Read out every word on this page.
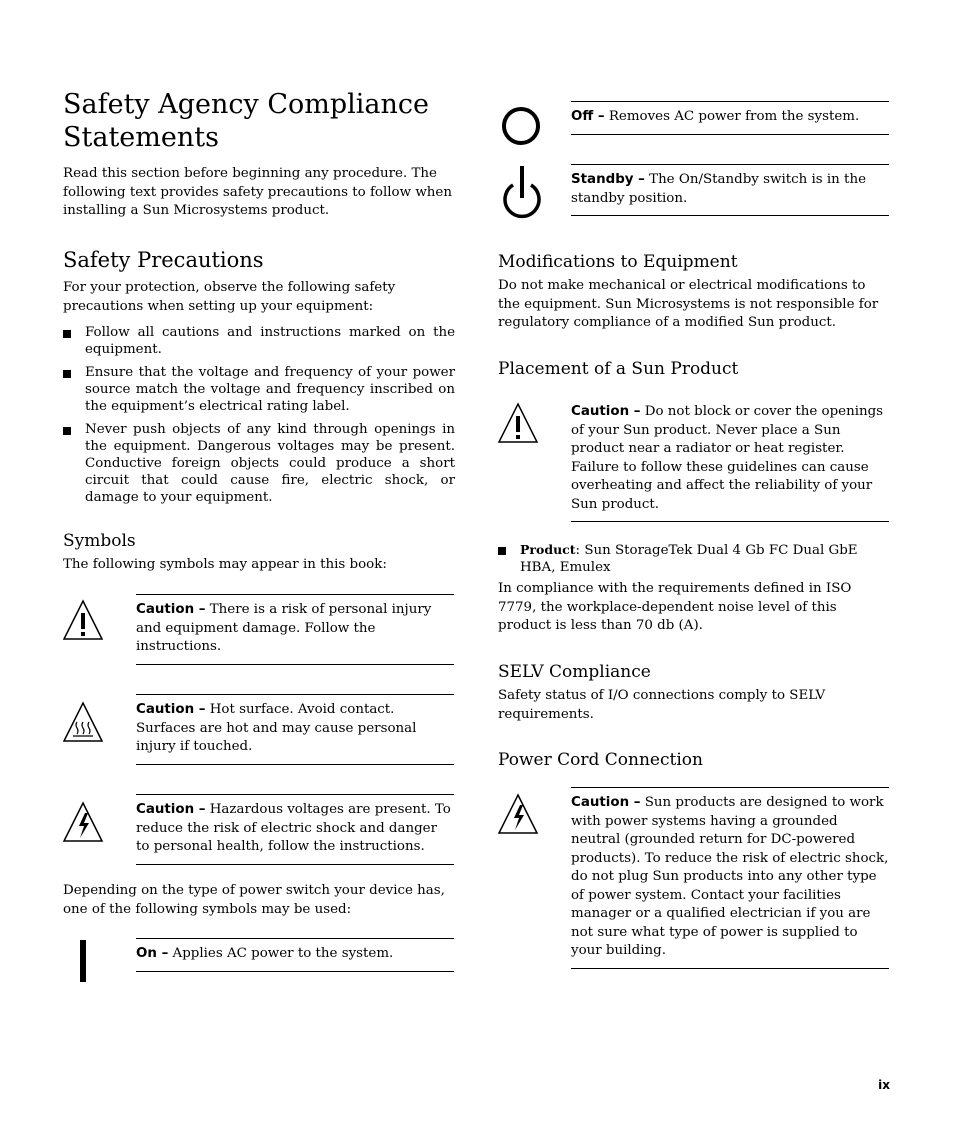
Safety Agency Compliance Statements

Read this section before beginning any procedure. The following text provides safety precautions to follow when installing a Sun Microsystems product.

Safety Precautions

For your protection, observe the following safety precautions when setting up your equipment:

Follow all cautions and instructions marked on the equipment.
Ensure that the voltage and frequency of your power source match the voltage and frequency inscribed on the equipment’s electrical rating label.
Never push objects of any kind through openings in the equipment. Dangerous voltages may be present. Conductive foreign objects could produce a short circuit that could cause fire, electric shock, or damage to your equipment.
Symbols

The following symbols may appear in this book:

Caution – There is a risk of personal injury and equipment damage. Follow the instructions.
Caution – Hot surface. Avoid contact. Surfaces are hot and may cause personal injury if touched.
Caution – Hazardous voltages are present. To reduce the risk of electric shock and danger to personal health, follow the instructions.

Depending on the type of power switch your device has, one of the following symbols may be used:

On – Applies AC power to the system.
Off – Removes AC power from the system.
Standby – The On/Standby switch is in the standby position.
Modifications to Equipment

Do not make mechanical or electrical modifications to the equipment. Sun Microsystems is not responsible for regulatory compliance of a modified Sun product.

Placement of a Sun Product
Caution – Do not block or cover the openings of your Sun product. Never place a Sun product near a radiator or heat register. Failure to follow these guidelines can cause overheating and affect the reliability of your Sun product.
Product: Sun StorageTek Dual 4 Gb FC Dual GbE HBA, Emulex

In compliance with the requirements defined in ISO 7779, the workplace-dependent noise level of this product is less than 70 db (A).

SELV Compliance

Safety status of I/O connections comply to SELV requirements.

Power Cord Connection
Caution – Sun products are designed to work with power systems having a grounded neutral (grounded return for DC-powered products). To reduce the risk of electric shock, do not plug Sun products into any other type of power system. Contact your facilities manager or a qualified electrician if you are not sure what type of power is supplied to your building.
ix
